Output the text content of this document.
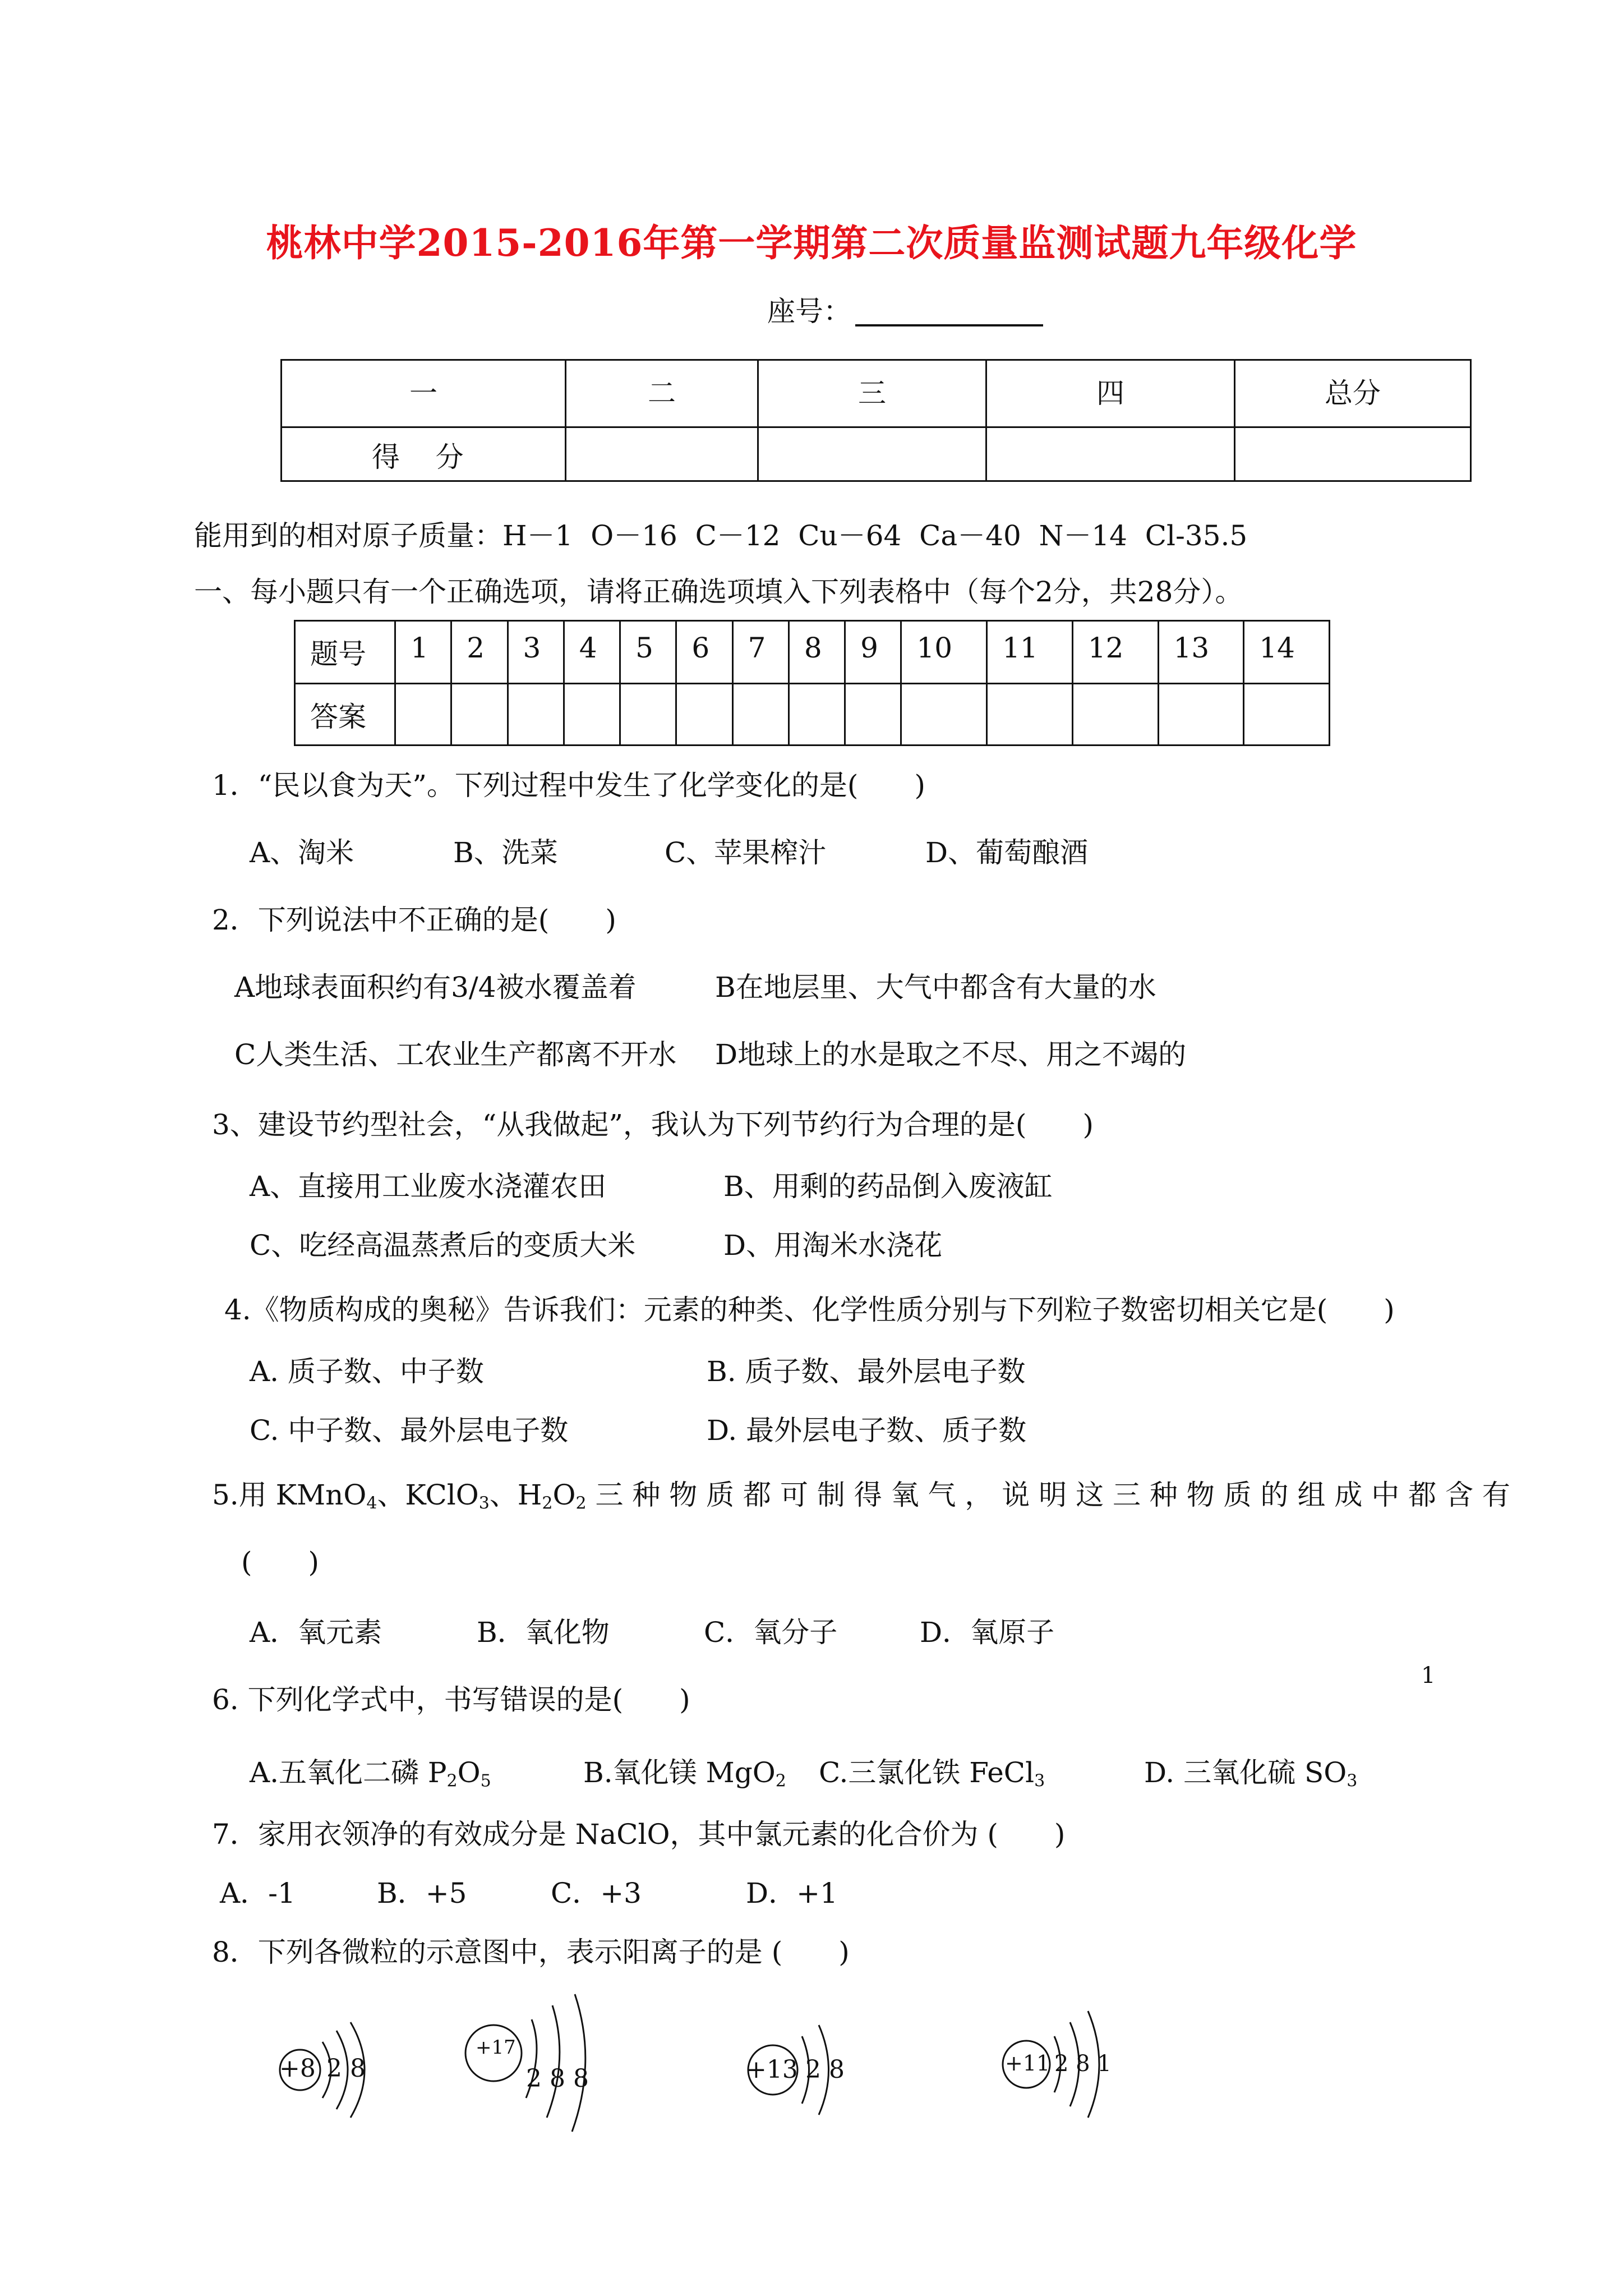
桃林中学2015-2016年第一学期第二次质量监测试题九年级化学
座号：
一	二	三	四	总分
得    分				
能用到的相对原子质量：H－1  O－16  C－12  Cu－64  Ca－40  N－14  Cl-35.5
一、每小题只有一个正确选项，请将正确选项填入下列表格中（每个2分，共28分）。
题号	1	2	3	4	5	6	7	8	9	10	11	12	13	14
答案														
1．“民以食为天”。下列过程中发生了化学变化的是(　　)
A、淘米	B、洗菜	C、苹果榨汁	D、葡萄酿酒
2．下列说法中不正确的是(　　)
A地球表面积约有3/4被水覆盖着	B在地层里、大气中都含有大量的水
C人类生活、工农业生产都离不开水 D地球上的水是取之不尽、用之不竭的
3、建设节约型社会，“从我做起”，我认为下列节约行为合理的是(　　)
A、直接用工业废水浇灌农田	B、用剩的药品倒入废液缸
C、吃经高温蒸煮后的变质大米	D、用淘米水浇花
4.《物质构成的奥秘》告诉我们：元素的种类、化学性质分别与下列粒子数密切相关它是(　　)
A. 质子数、中子数	B. 质子数、最外层电子数
C. 中子数、最外层电子数	D. 最外层电子数、质子数
5.用 KMnO$_4$、KClO$_3$、$H_2O_2$ 三 种 物 质 都 可 制 得 氧 气 ， 说 明 这 三 种 物 质 的 组 成 中 都 含 有
(　　)
A．氧元素	B．氧化物	C．氧分子	D．氧原子
6. 下列化学式中，书写错误的是(　　)
A.五氧化二磷 $P_2O_5$	B.氧化镁 MgO$_2$ C.三氯化铁 FeCl$_3$	D. 三氧化硫 $SO_3$
7．家用衣领净的有效成分是 NaClO，其中氯元素的化合价为 (　　)
A．-1	B．+5	C．+3	D．+1
8．下列各微粒的示意图中，表示阳离子的是 (　　)
+8 2 8
+17
2 8 8	+13 2 8	+11 2 8 1
1
